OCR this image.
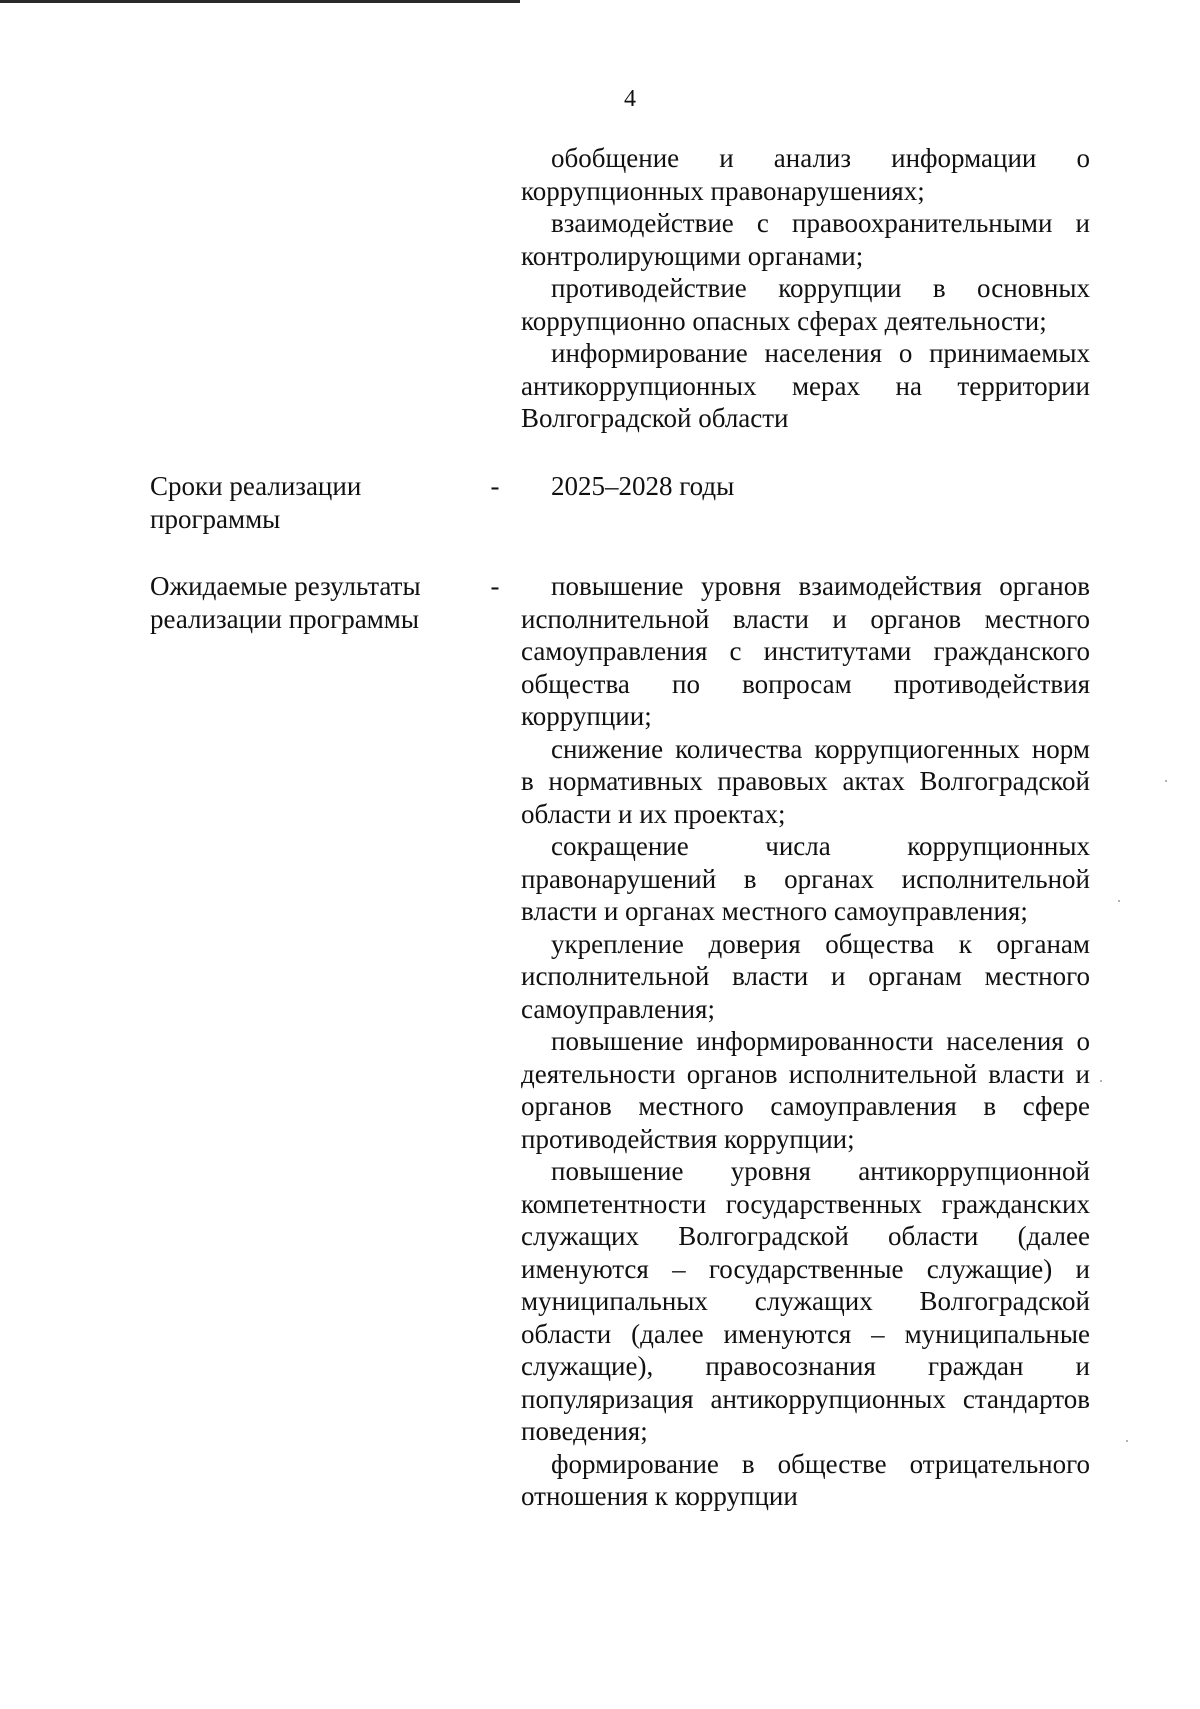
4

обобщение и анализ информации о коррупционных правонарушениях;

взаимодействие с правоохранительными и контролирующими органами;

противодействие коррупции в основных коррупционно опасных сферах деятельности;

информирование населения о принимаемых антикоррупционных мерах на территории Волгоградской области

Сроки реализации программы
- 2025–2028 годы
Ожидаемые результаты реализации программы
-	повышение уровня взаимодействия органов исполнительной власти и органов местного самоуправления с институтами гражданского общества по вопросам противодействия коррупции;

снижение количества коррупциогенных норм в нормативных правовых актах Волгоградской области и их проектах;

сокращение числа коррупционных правонарушений в органах исполнительной власти и органах местного самоуправления;

укрепление доверия общества к органам исполнительной власти и органам местного самоуправления;

повышение информированности населения о деятельности органов исполнительной власти и органов местного самоуправления в сфере противодействия коррупции;

повышение уровня антикоррупционной компетентности государственных гражданских служащих Волгоградской области (далее именуются – государственные служащие) и муниципальных служащих Волгоградской области (далее именуются – муниципальные служащие), правосознания граждан и популяризация антикоррупционных стандартов поведения;

формирование в обществе отрицательного отношения к коррупции
